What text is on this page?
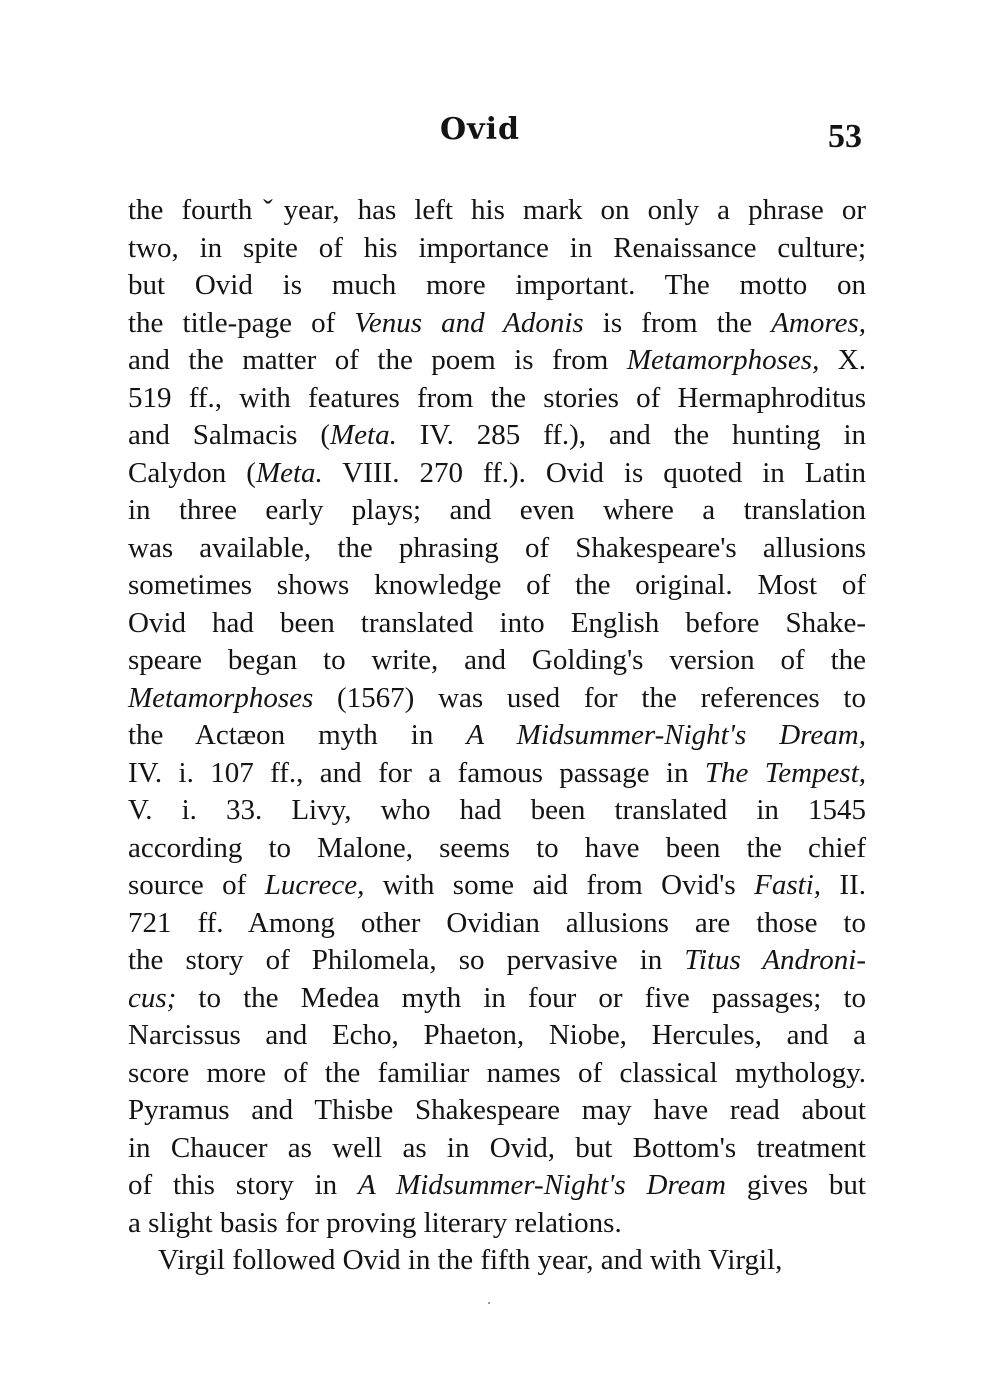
Ovid	53
the fourthˇyear, has left his mark on only a phrase or
two, in spite of his importance in Renaissance culture;
but Ovid is much more important. The motto on
the title-page of Venus and Adonis is from the Amores,
and the matter of the poem is from Metamorphoses, X.
519 ff., with features from the stories of Hermaphroditus
and Salmacis (Meta. IV. 285 ff.), and the hunting in
Calydon (Meta. VIII. 270 ff.). Ovid is quoted in Latin
in three early plays; and even where a translation
was available, the phrasing of Shakespeare's allusions
sometimes shows knowledge of the original. Most of
Ovid had been translated into English before Shake-
speare began to write, and Golding's version of the
Metamorphoses (1567) was used for the references to
the Actæon myth in A Midsummer-Night's Dream,
IV. i. 107 ff., and for a famous passage in The Tempest,
V. i. 33. Livy, who had been translated in 1545
according to Malone, seems to have been the chief
source of Lucrece, with some aid from Ovid's Fasti, II.
721 ff. Among other Ovidian allusions are those to
the story of Philomela, so pervasive in Titus Androni-
cus; to the Medea myth in four or five passages; to
Narcissus and Echo, Phaeton, Niobe, Hercules, and a
score more of the familiar names of classical mythology.
Pyramus and Thisbe Shakespeare may have read about
in Chaucer as well as in Ovid, but Bottom's treatment
of this story in A Midsummer-Night's Dream gives but
a slight basis for proving literary relations.
Virgil followed Ovid in the fifth year, and with Virgil,
